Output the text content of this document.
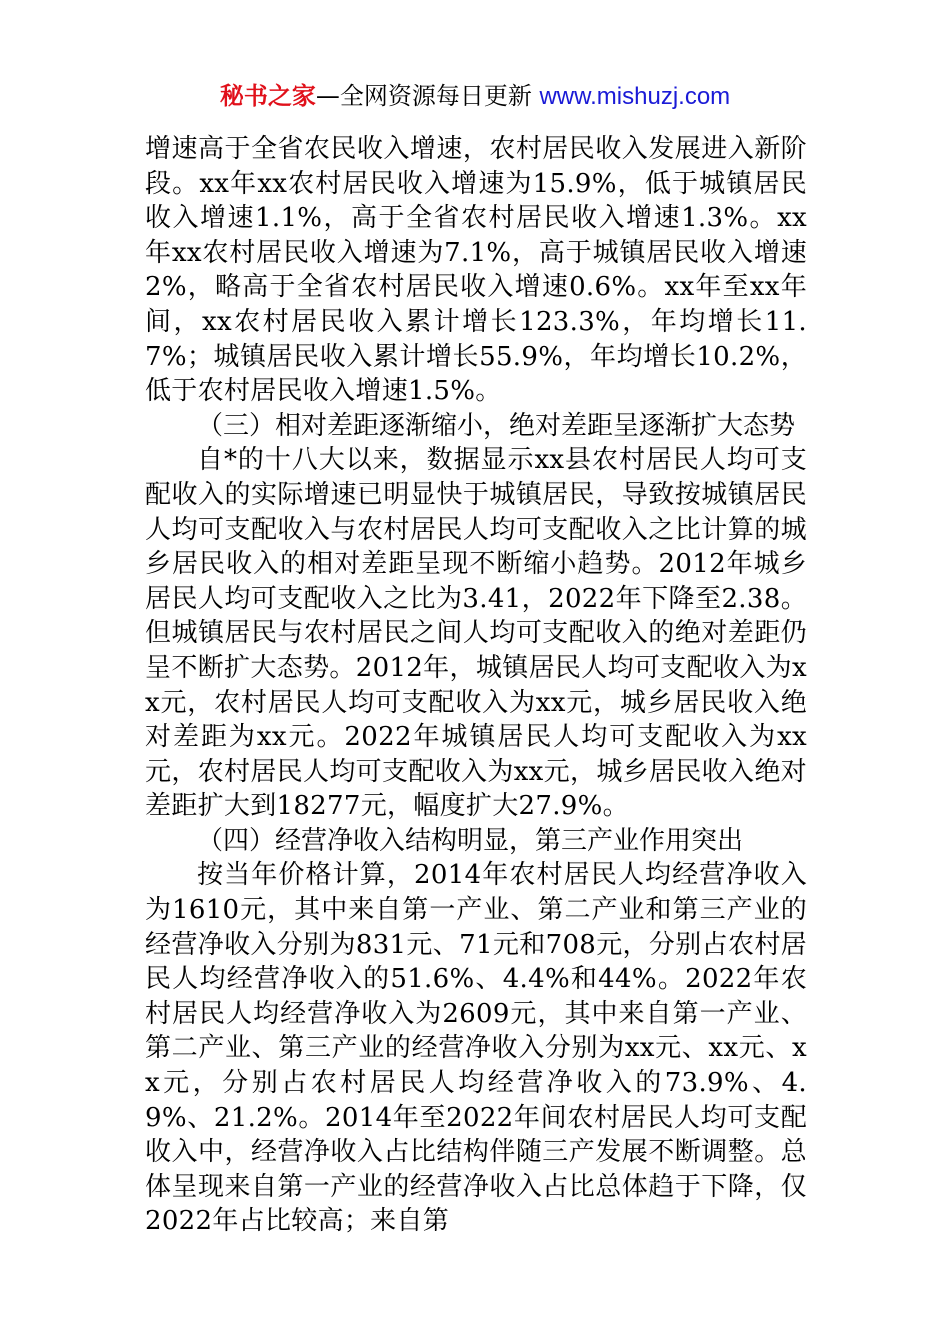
秘书之家—全网资源每日更新 www.mishuzj.com

增速高于全省农民收入增速，农村居民收入发展进入新阶段。xx年xx农村居民收入增速为15.9%，低于城镇居民收入增速1.1%，高于全省农村居民收入增速1.3%。xx年xx农村居民收入增速为7.1%，高于城镇居民收入增速2%，略高于全省农村居民收入增速0.6%。xx年至xx年间，xx农村居民收入累计增长123.3%，年均增长11.7%；城镇居民收入累计增长55.9%，年均增长10.2%，低于农村居民收入增速1.5%。

（三）相对差距逐渐缩小，绝对差距呈逐渐扩大态势

自*的十八大以来，数据显示xx县农村居民人均可支配收入的实际增速已明显快于城镇居民，导致按城镇居民人均可支配收入与农村居民人均可支配收入之比计算的城乡居民收入的相对差距呈现不断缩小趋势。2012年城乡居民人均可支配收入之比为3.41，2022年下降至2.38。但城镇居民与农村居民之间人均可支配收入的绝对差距仍呈不断扩大态势。2012年，城镇居民人均可支配收入为xx元，农村居民人均可支配收入为xx元，城乡居民收入绝对差距为xx元。2022年城镇居民人均可支配收入为xx元，农村居民人均可支配收入为xx元，城乡居民收入绝对差距扩大到18277元，幅度扩大27.9%。

（四）经营净收入结构明显，第三产业作用突出

按当年价格计算，2014年农村居民人均经营净收入为1610元，其中来自第一产业、第二产业和第三产业的经营净收入分别为831元、71元和708元，分别占农村居民人均经营净收入的51.6%、4.4%和44%。2022年农村居民人均经营净收入为2609元，其中来自第一产业、第二产业、第三产业的经营净收入分别为xx元、xx元、xx元，分别占农村居民人均经营净收入的73.9%、4.9%、21.2%。2014年至2022年间农村居民人均可支配收入中，经营净收入占比结构伴随三产发展不断调整。总体呈现来自第一产业的经营净收入占比总体趋于下降，仅2022年占比较高；来自第
